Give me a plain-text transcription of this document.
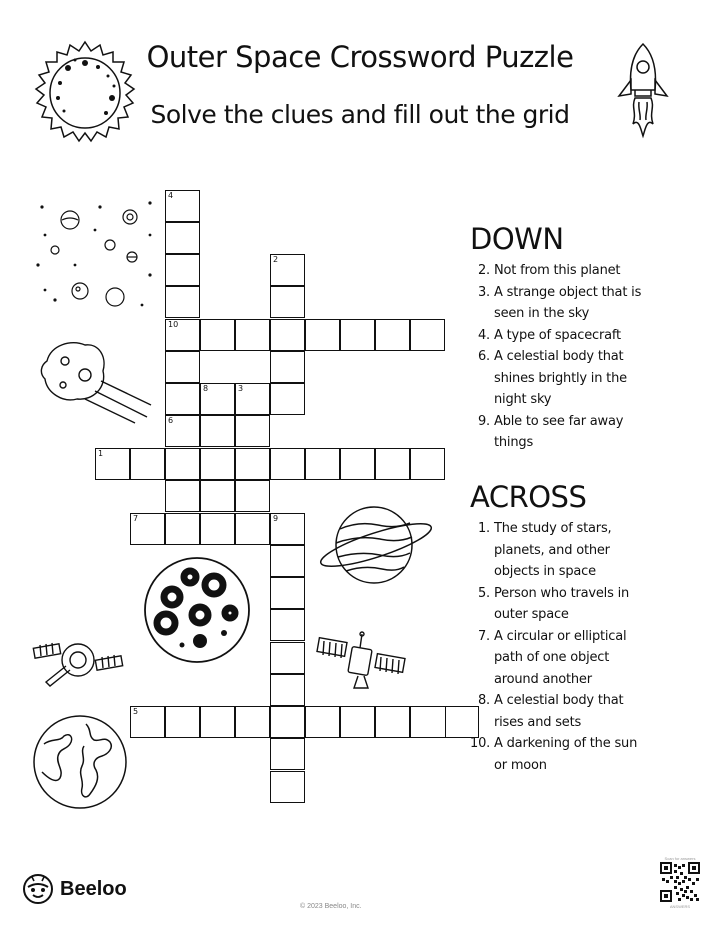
Outer Space Crossword Puzzle
Solve the clues and fill out the grid
4
10
6
2
8	3
1
7	9
5
DOWN
2. Not from this planet
3. A strange object that is seen in the sky
4. A type of spacecraft
6. A celestial body that shines brightly in the night sky
9. Able to see far away things
ACROSS
1. The study of stars, planets, and other objects in space
5. Person who travels in outer space
7. A circular or elliptical path of one object around another
8. A celestial body that rises and sets
10. A darkening of the sun or moon
Beeloo
© 2023 Beeloo, Inc.
Scan for answers
ANSWERS
